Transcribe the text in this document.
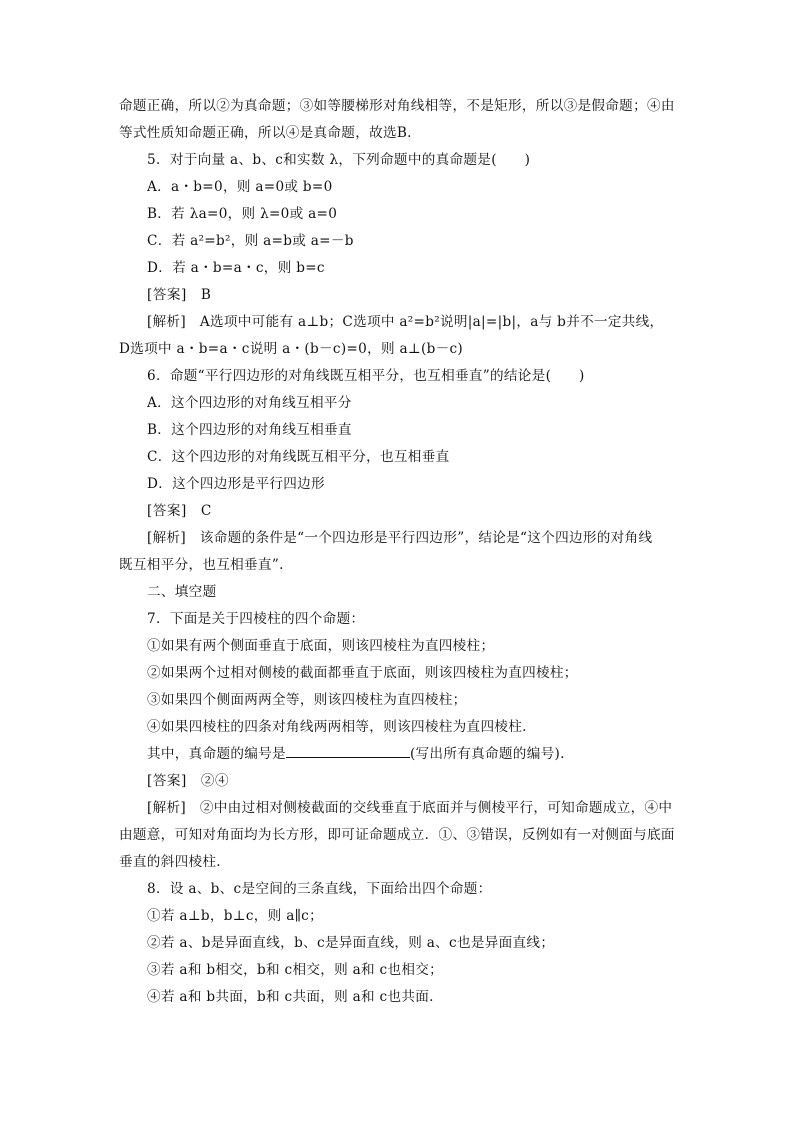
命题正确，所以②为真命题；③如等腰梯形对角线相等，不是矩形，所以③是假命题；④由
等式性质知命题正确，所以④是真命题，故选B.
5．对于向量 a、b、c和实数 λ，下列命题中的真命题是(　　)
A．a・b=0，则 a=0或 b=0
B．若 λa=0，则 λ=0或 a=0
C．若 a²=b²，则 a=b或 a=－b
D．若 a・b=a・c，则 b=c
[答案]　B
[解析]　A选项中可能有 a⊥b；C选项中 a²=b²说明|a|=|b|，a与 b并不一定共线，
D选项中 a・b=a・c说明 a・(b－c)=0，则 a⊥(b－c)
6．命题“平行四边形的对角线既互相平分，也互相垂直”的结论是(　　)
A．这个四边形的对角线互相平分
B．这个四边形的对角线互相垂直
C．这个四边形的对角线既互相平分，也互相垂直
D．这个四边形是平行四边形
[答案]　C
[解析]　该命题的条件是“一个四边形是平行四边形”，结论是“这个四边形的对角线
既互相平分，也互相垂直”.
二、填空题
7．下面是关于四棱柱的四个命题：
①如果有两个侧面垂直于底面，则该四棱柱为直四棱柱；
②如果两个过相对侧棱的截面都垂直于底面，则该四棱柱为直四棱柱；
③如果四个侧面两两全等，则该四棱柱为直四棱柱；
④如果四棱柱的四条对角线两两相等，则该四棱柱为直四棱柱.
其中，真命题的编号是	(写出所有真命题的编号).
[答案]　②④
[解析]　②中由过相对侧棱截面的交线垂直于底面并与侧棱平行，可知命题成立，④中
由题意，可知对角面均为长方形，即可证命题成立．①、③错误，反例如有一对侧面与底面
垂直的斜四棱柱.
8．设 a、b、c是空间的三条直线，下面给出四个命题：
①若 a⊥b，b⊥c，则 a∥c；
②若 a、b是异面直线，b、c是异面直线，则 a、c也是异面直线；
③若 a和 b相交，b和 c相交，则 a和 c也相交；
④若 a和 b共面，b和 c共面，则 a和 c也共面.
